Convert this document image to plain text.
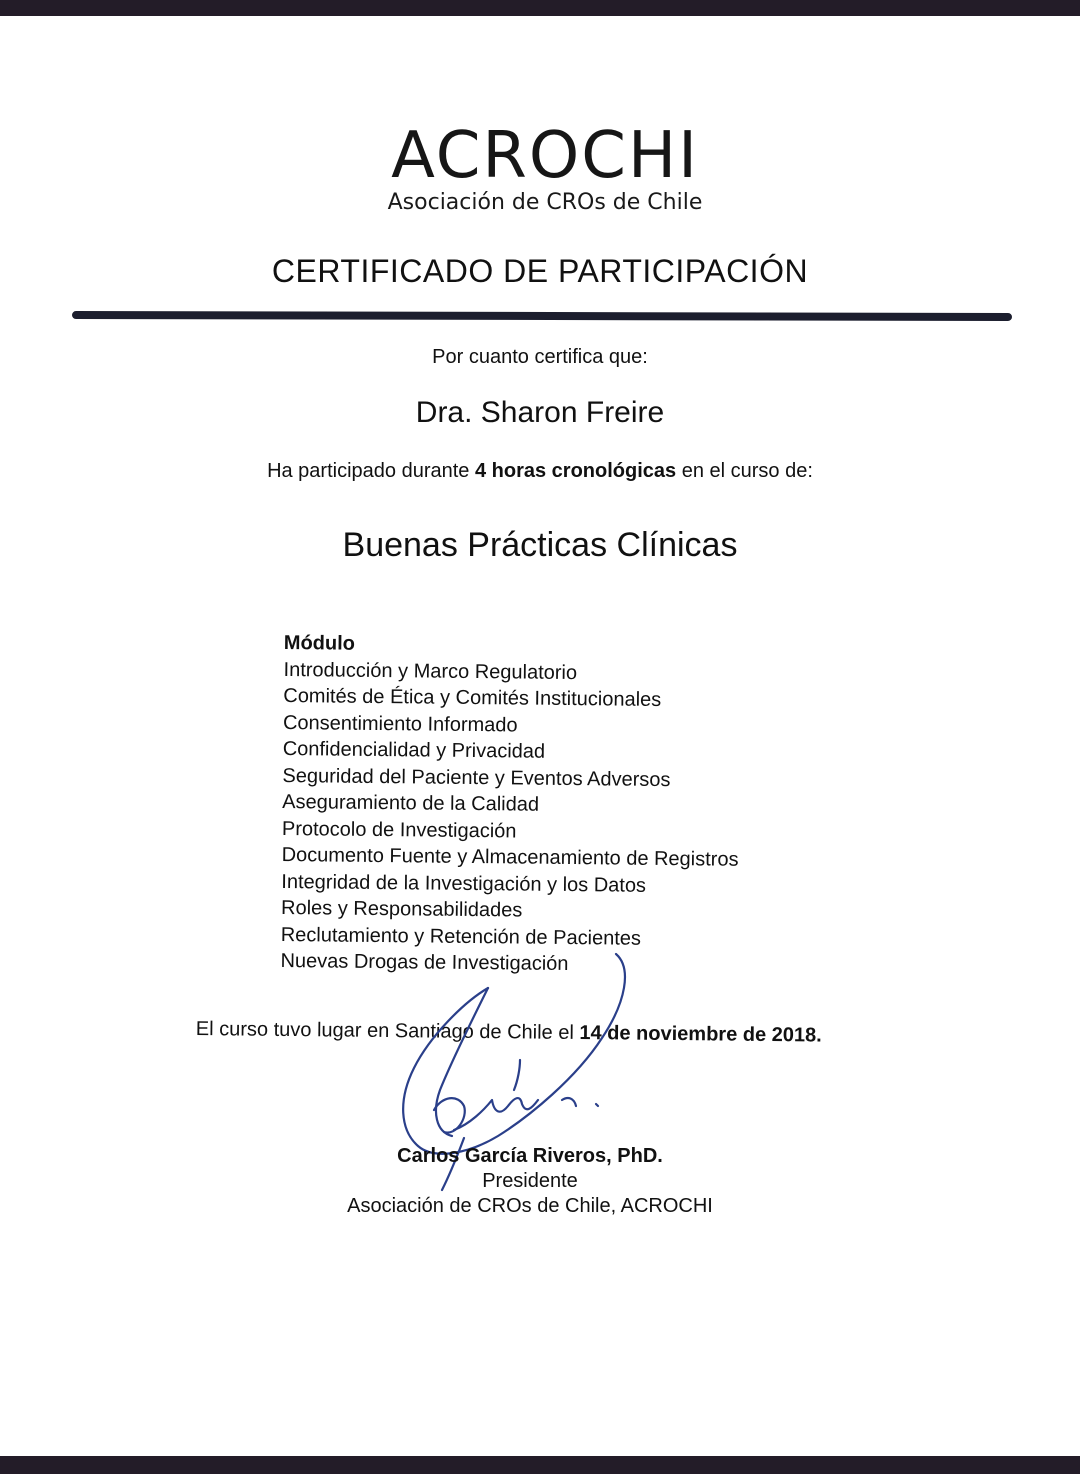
ACROCHI
Asociación de CROs de Chile
CERTIFICADO DE PARTICIPACIÓN
Por cuanto certifica que:
Dra. Sharon Freire
Ha participado durante 4 horas cronológicas en el curso de:
Buenas Prácticas Clínicas
Módulo
Introducción y Marco Regulatorio
Comités de Ética y Comités Institucionales
Consentimiento Informado
Confidencialidad y Privacidad
Seguridad del Paciente y Eventos Adversos
Aseguramiento de la Calidad
Protocolo de Investigación
Documento Fuente y Almacenamiento de Registros
Integridad de la Investigación y los Datos
Roles y Responsabilidades
Reclutamiento y Retención de Pacientes
Nuevas Drogas de Investigación
El curso tuvo lugar en Santiago de Chile el 14 de noviembre de 2018.
Carlos García Riveros, PhD.
Presidente
Asociación de CROs de Chile, ACROCHI
